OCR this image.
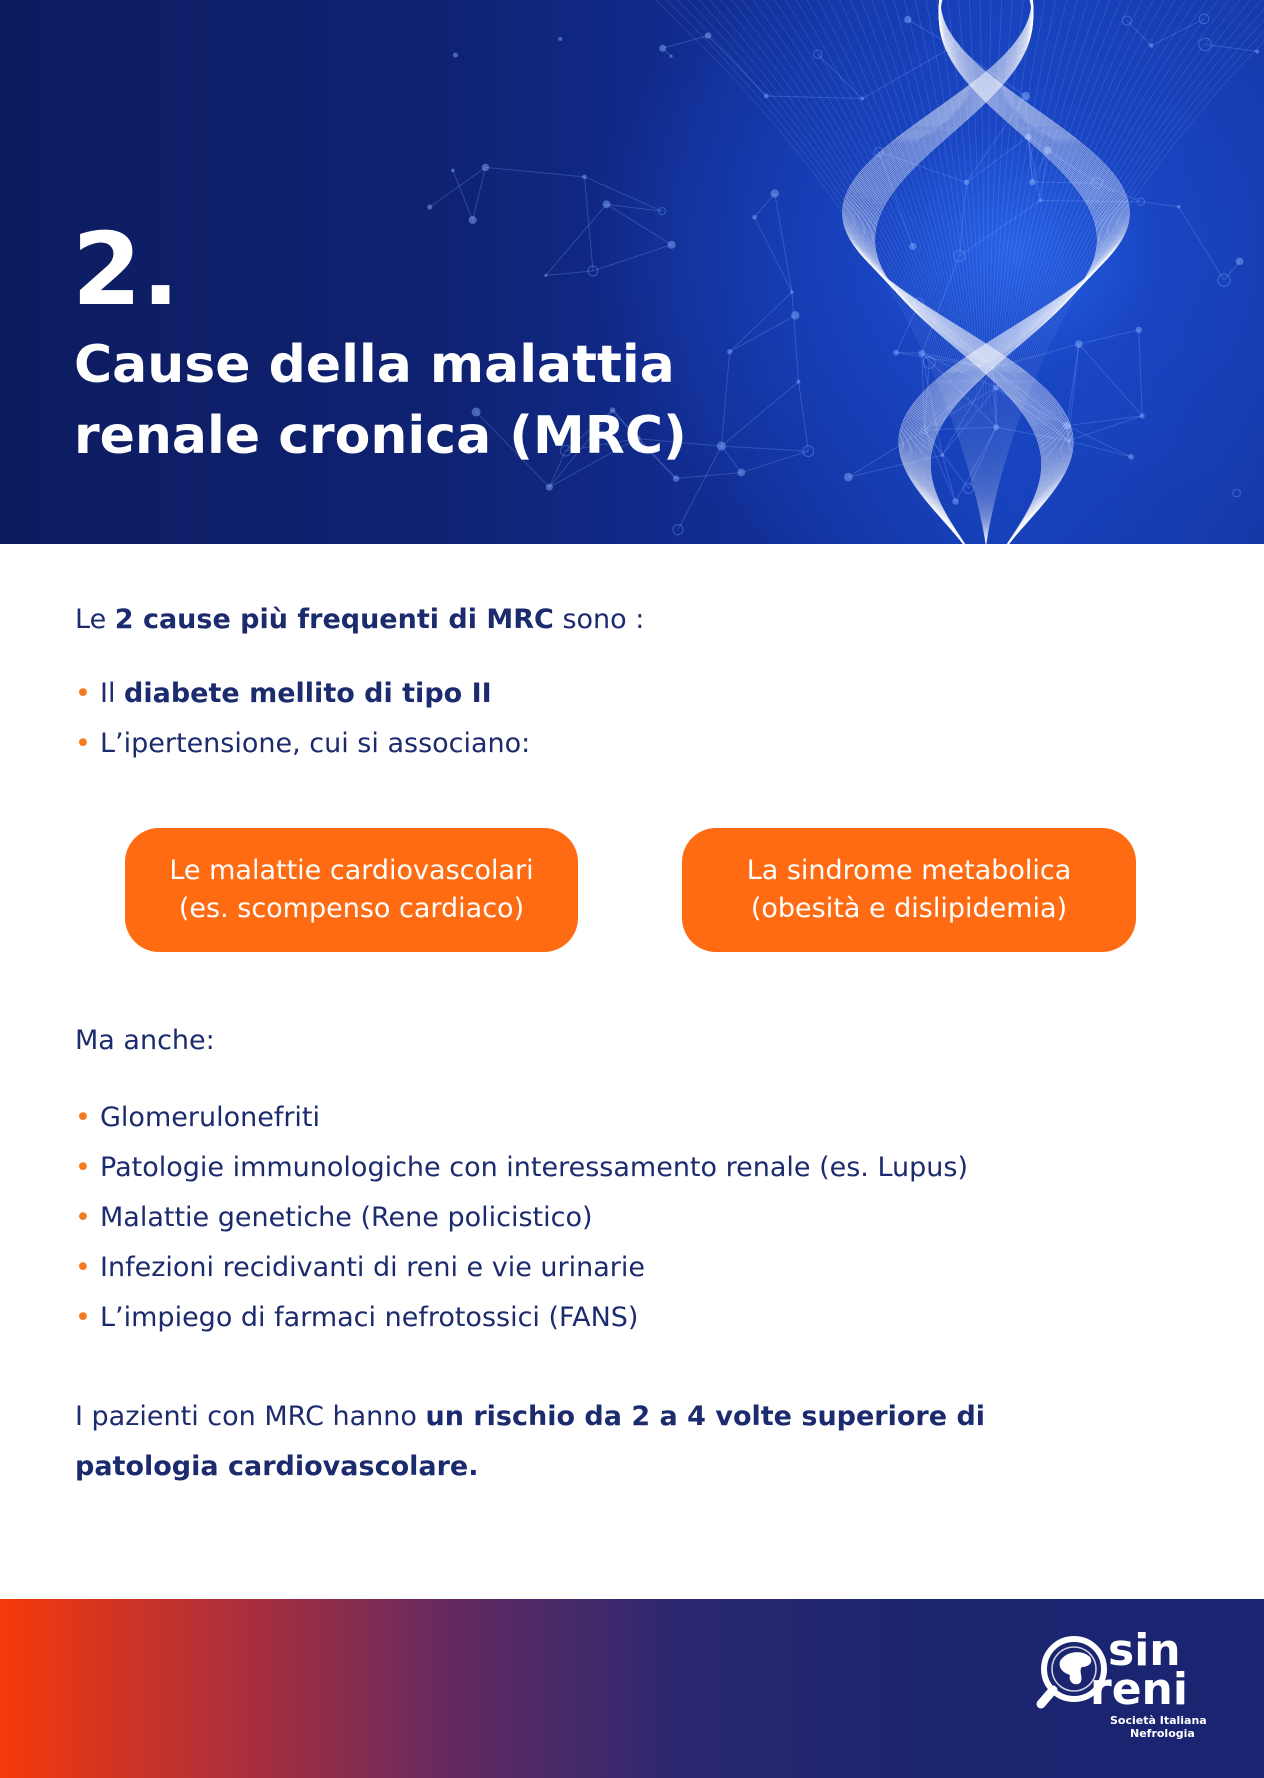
2.
Cause della malattia
renale cronica (MRC)
Le 2 cause più frequenti di MRC sono :
• Il diabete mellito di tipo II
• L’ipertensione, cui si associano:
Le malattie cardiovascolari
(es. scompenso cardiaco)
La sindrome metabolica
(obesità e dislipidemia)
Ma anche:
• Glomerulonefriti
• Patologie immunologiche con interessamento renale (es. Lupus)
• Malattie genetiche (Rene policistico)
• Infezioni recidivanti di reni e vie urinarie
• L’impiego di farmaci nefrotossici (FANS)
I pazienti con MRC hanno un rischio da 2 a 4 volte superiore di
patologia cardiovascolare.
sin
reni
Società Italiana
Nefrologia
